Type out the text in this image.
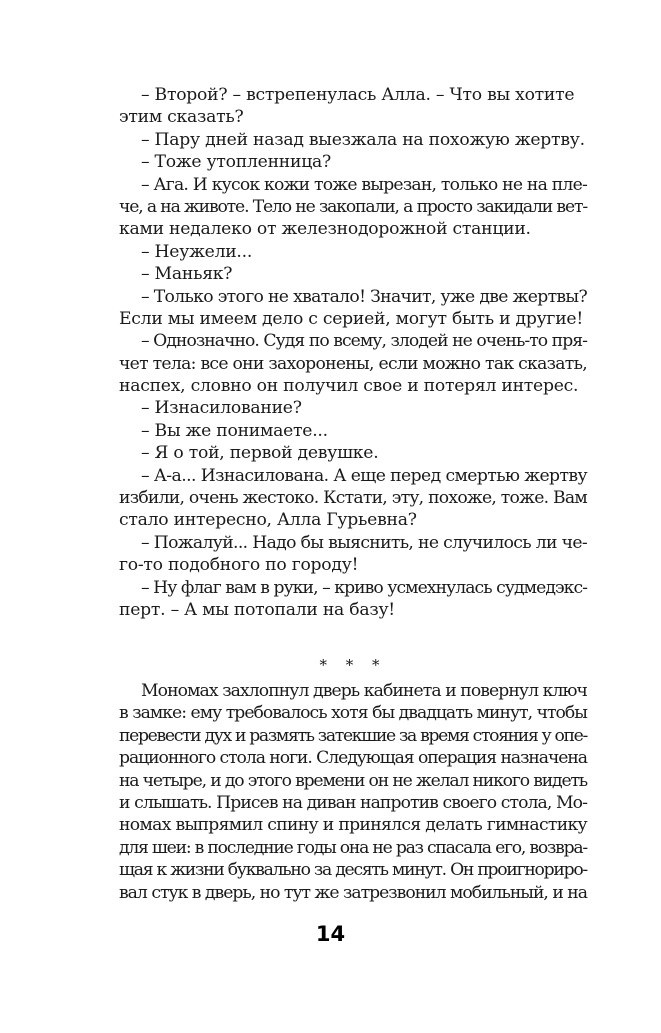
– Второй? – встрепенулась Алла. – Что вы хотите
этим сказать?
– Пару дней назад выезжала на похожую жертву.
– Тоже утопленница?
– Ага. И кусок кожи тоже вырезан, только не на пле-
че, а на животе. Тело не закопали, а просто закидали вет-
ками недалеко от железнодорожной станции.
– Неужели...
– Маньяк?
– Только этого не хватало! Значит, уже две жертвы?
Если мы имеем дело с серией, могут быть и другие!
– Однозначно. Судя по всему, злодей не очень-то пря-
чет тела: все они захоронены, если можно так сказать,
наспех, словно он получил свое и потерял интерес.
– Изнасилование?
– Вы же понимаете...
– Я о той, первой девушке.
– А-а... Изнасилована. А еще перед смертью жертву
избили, очень жестоко. Кстати, эту, похоже, тоже. Вам
стало интересно, Алла Гурьевна?
– Пожалуй... Надо бы выяснить, не случилось ли че-
го-то подобного по городу!
– Ну флаг вам в руки, – криво усмехнулась судмедэкс-
перт. – А мы потопали на базу!
* * *
Мономах захлопнул дверь кабинета и повернул ключ
в замке: ему требовалось хотя бы двадцать минут, чтобы
перевести дух и размять затекшие за время стояния у опе-
рационного стола ноги. Следующая операция назначена
на четыре, и до этого времени он не желал никого видеть
и слышать. Присев на диван напротив своего стола, Мо-
номах выпрямил спину и принялся делать гимнастику
для шеи: в последние годы она не раз спасала его, возвра-
щая к жизни буквально за десять минут. Он проигнориро-
вал стук в дверь, но тут же затрезвонил мобильный, и на
14
